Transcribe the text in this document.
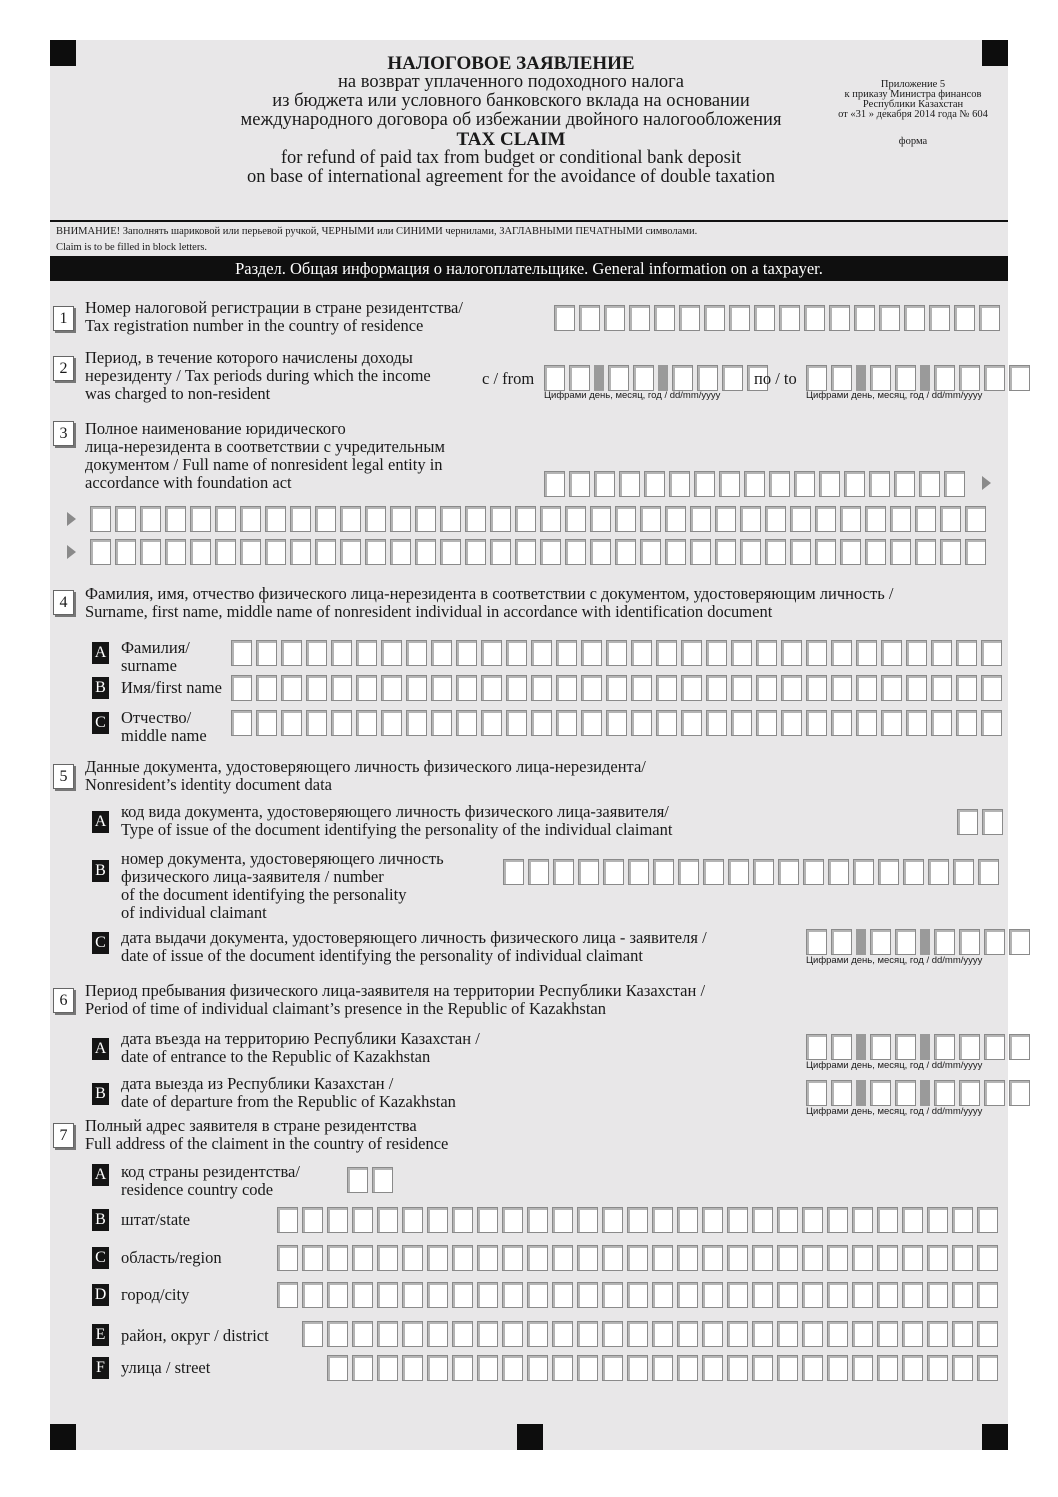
НАЛОГОВОЕ ЗАЯВЛЕНИЕ
на возврат уплаченного подоходного налога
из бюджета или условного банковского вклада на основании
международного договора об избежании двойного налогообложения
TAX CLAIM
for refund of paid tax from budget or conditional bank deposit
on base of international agreement for the avoidance of double taxation
Приложение 5
к приказу Министра финансов
Республики Казахстан
от «31 » декабря 2014 года № 604
форма
ВНИМАНИЕ! Заполнять шариковой или перьевой ручкой, ЧЕРНЫМИ или СИНИМИ чернилами, ЗАГЛАВНЫМИ ПЕЧАТНЫМИ символами.
Claim is to be filled in block letters.
Раздел. Общая информация о налогоплательщике. General information on a taxpayer.
1
Номер налоговой регистрации в стране резидентства/
Tax registration number in the country of residence
2
Период, в течение которого начислены доходы
нерезиденту / Tax periods during which the income
was charged to non-resident
с / from
Цифрами день, месяц, год / dd/mm/yyyy
по / to
Цифрами день, месяц, год / dd/mm/yyyy
3	Полное наименование юридического
лица-нерезидента в соответствии с учредительным
документом / Full name of nonresident legal entity in
accordance with foundation act
4	Фамилия, имя, отчество физического лица-нерезидента в соответствии с документом, удостоверяющим личность /
Surname, first name, middle name of nonresident individual in accordance with identification document
A Фамилия/
surname
B Имя/first name
C Отчество/
middle name
5
Данные документа, удостоверяющего личность физического лица-нерезидента/
Nonresident’s identity document data
A
код вида документа, удостоверяющего личность физического лица-заявителя/
Type of issue of the document identifying the personality of the individual claimant
B
номер документа, удостоверяющего личность
физического лица-заявителя / number
of the document identifying the personality
of individual claimant
C дата выдачи документа, удостоверяющего личность физического лица - заявителя /
date of issue of the document identifying the personality of individual claimant	Цифрами день, месяц, год / dd/mm/yyyy
6
Период пребывания физического лица-заявителя на территории Республики Казахстан /
Period of time of individual claimant’s presence in the Republic of Kazakhstan
A
дата въезда на территорию Республики Казахстан /
date of entrance to the Republic of Kazakhstan	Цифрами день, месяц, год / dd/mm/yyyy
B
дата выезда из Республики Казахстан /
date of departure from the Republic of Kazakhstan
Цифрами день, месяц, год / dd/mm/yyyy
7
Полный адрес заявителя в стране резидентства
Full address of the claiment in the country of residence
A код страны резидентства/
residence country code
B штат/state
C область/region
D город/city
E район, округ / district
F улица / street
